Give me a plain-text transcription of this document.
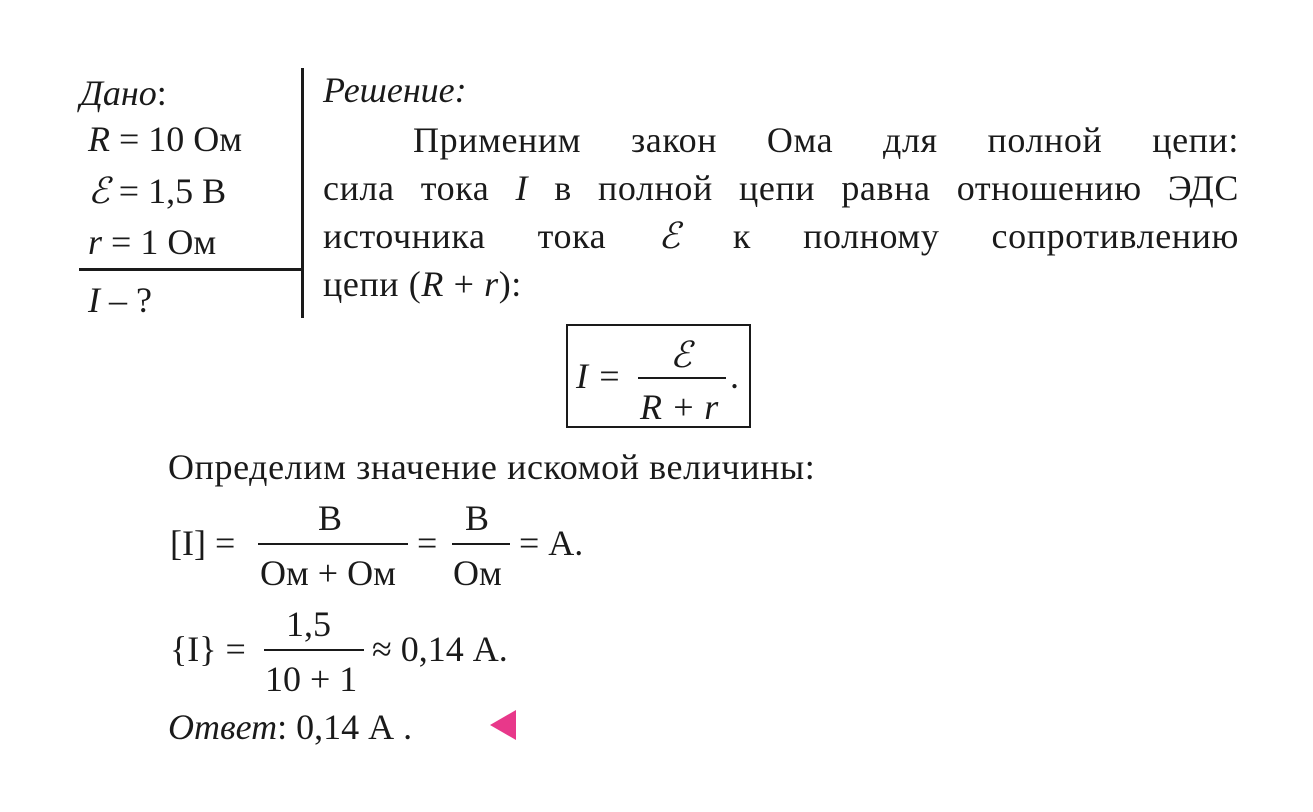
Дано:
R = 10 Ом
ℰ = 1,5 В
r = 1 Ом
I – ?
Решение:
Применим закон Ома для полной цепи:
сила тока I в полной цепи равна отношению ЭДС
источника тока ℰ к полному сопротивлению
цепи (R + r):
I = ℰ
R + r
.
Определим значение искомой величины:
[I] =
В
Ом + Ом
=
В
Ом
= А.
{I} =
1,5
10 + 1
≈ 0,14 А.
Ответ: 0,14 А .
